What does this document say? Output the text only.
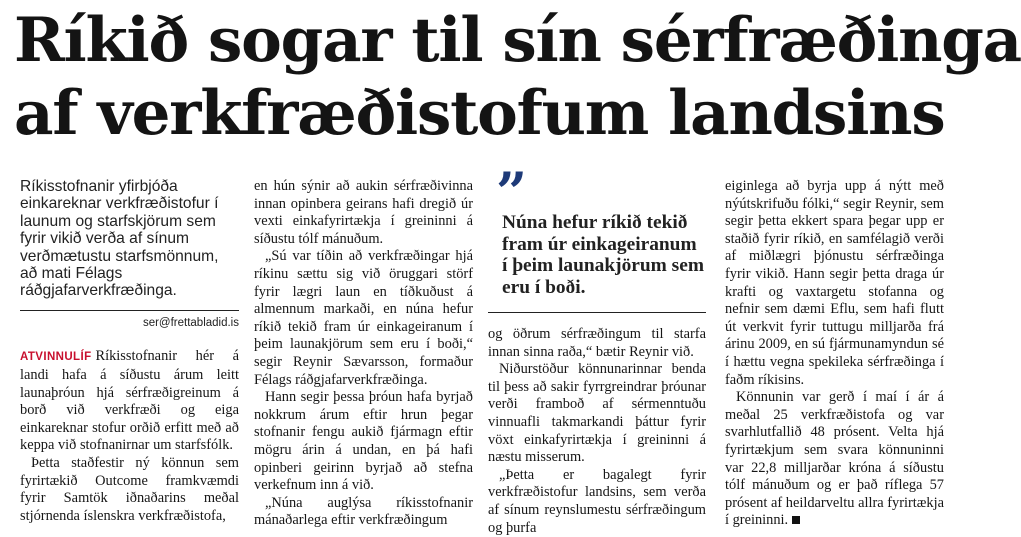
Ríkið sogar til sín sérfræðinga
af verkfræðistofum landsins

Ríkisstofnanir yfirbjóða einkareknar verkfræðistofur í launum og starfskjörum sem fyrir vikið verða af sínum verðmætustu starfsmönnum, að mati Félags ráðgjafarverkfræðinga.

ser@frettabladid.is

ATVINNULÍF Ríkisstofnanir hér á landi hafa á síðustu árum leitt launaþróun hjá sérfræðigreinum á borð við verkfræði og eiga einkareknar stofur orðið erfitt með að keppa við stofnanirnar um starfsfólk.

Þetta staðfestir ný könnun sem fyrirtækið Outcome framkvæmdi fyrir Samtök iðnaðarins meðal stjórnenda íslenskra verkfræðistofa,

en hún sýnir að aukin sérfræðivinna innan opinbera geirans hafi dregið úr vexti einkafyrirtækja í greininni á síðustu tólf mánuðum.

„Sú var tíðin að verkfræðingar hjá ríkinu sættu sig við öruggari störf fyrir lægri laun en tíðkuðust á almennum markaði, en núna hefur ríkið tekið fram úr einkageiranum í þeim launakjörum sem eru í boði,“ segir Reynir Sævarsson, formaður Félags ráðgjafarverkfræðinga.

Hann segir þessa þróun hafa byrjað nokkrum árum eftir hrun þegar stofnanir fengu aukið fjármagn eftir mögru árin á undan, en þá hafi opinberi geirinn byrjað að stefna verkefnum inn á við.

„Núna auglýsa ríkisstofnanir mánaðarlega eftir verkfræðingum

”

Núna hefur ríkið tekið fram úr einkageiranum í þeim launakjörum sem eru í boði.

og öðrum sérfræðingum til starfa innan sinna raða,“ bætir Reynir við.

Niðurstöður könnunarinnar benda til þess að sakir fyrrgreindrar þróunar verði framboð af sérmenntuðu vinnuafli takmarkandi þáttur fyrir vöxt einkafyrirtækja í greininni á næstu misserum.

„Þetta er bagalegt fyrir verkfræðistofur landsins, sem verða af sínum reynslumestu sérfræðingum og þurfa

eiginlega að byrja upp á nýtt með nýútskrifuðu fólki,“ segir Reynir, sem segir þetta ekkert spara þegar upp er staðið fyrir ríkið, en samfélagið verði af miðlægri þjónustu sérfræðinga fyrir vikið. Hann segir þetta draga úr krafti og vaxtargetu stofanna og nefnir sem dæmi Eflu, sem hafi flutt út verkvit fyrir tuttugu milljarða frá árinu 2009, en sú fjármunamyndun sé í hættu vegna spekileka sérfræðinga í faðm ríkisins.

Könnunin var gerð í maí í ár á meðal 25 verkfræðistofa og var svarhlutfallið 48 prósent. Velta hjá fyrirtækjum sem svara könnuninni var 22,8 milljarðar króna á síðustu tólf mánuðum og er það ríflega 57 prósent af heildarveltu allra fyrirtækja í greininni.
